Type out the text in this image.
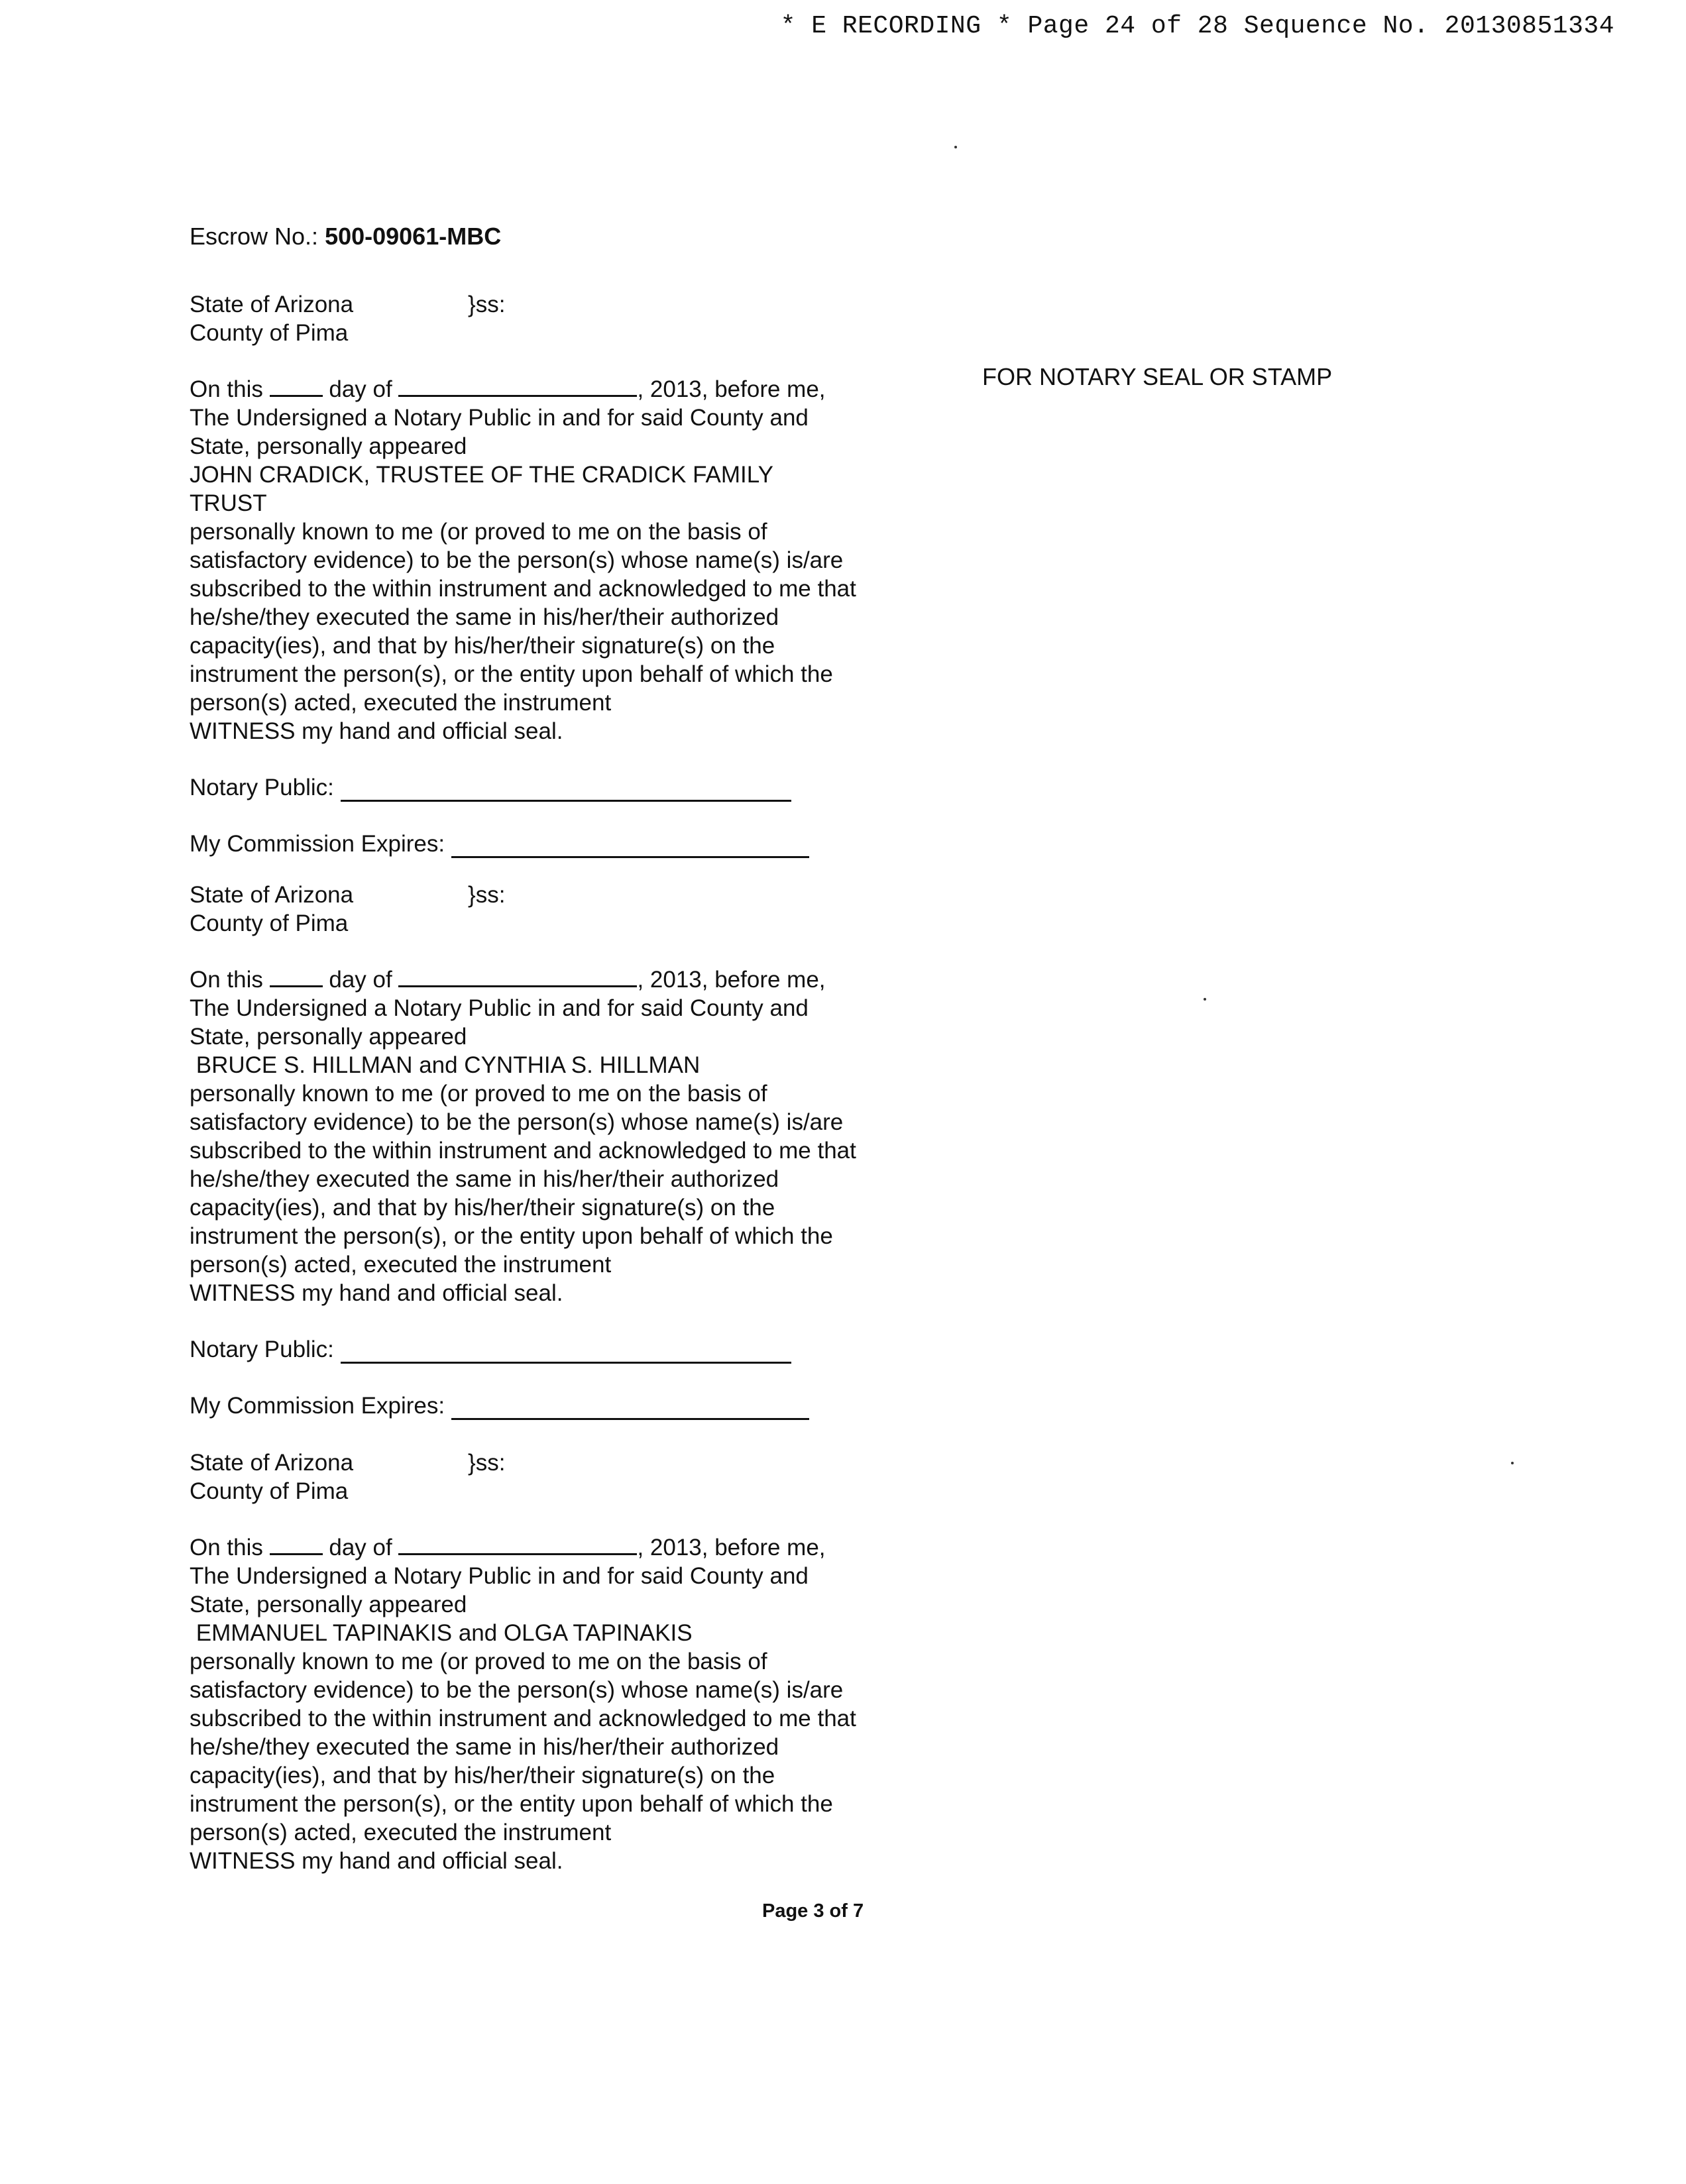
* E RECORDING * Page 24 of 28 Sequence No. 20130851334
Escrow No.: 500-09061-MBC
FOR NOTARY SEAL OR STAMP
State of Arizona	}ss:
County of Pima

On this	day of	, 2013, before me,

The Undersigned a Notary Public in and for said County and

State, personally appeared

JOHN CRADICK, TRUSTEE OF THE CRADICK FAMILY

TRUST

personally known to me (or proved to me on the basis of

satisfactory evidence) to be the person(s) whose name(s) is/are

subscribed to the within instrument and acknowledged to me that

he/she/they executed the same in his/her/their authorized

capacity(ies), and that by his/her/their signature(s) on the

instrument the person(s), or the entity upon behalf of which the

person(s) acted, executed the instrument

WITNESS my hand and official seal.

Notary Public:
My Commission Expires:
State of Arizona	}ss:
County of Pima

On this	day of	, 2013, before me,

The Undersigned a Notary Public in and for said County and

State, personally appeared

BRUCE S. HILLMAN and CYNTHIA S. HILLMAN

personally known to me (or proved to me on the basis of

satisfactory evidence) to be the person(s) whose name(s) is/are

subscribed to the within instrument and acknowledged to me that

he/she/they executed the same in his/her/their authorized

capacity(ies), and that by his/her/their signature(s) on the

instrument the person(s), or the entity upon behalf of which the

person(s) acted, executed the instrument

WITNESS my hand and official seal.

Notary Public:
My Commission Expires:
State of Arizona	}ss:
County of Pima

On this	day of	, 2013, before me,

The Undersigned a Notary Public in and for said County and

State, personally appeared

EMMANUEL TAPINAKIS and OLGA TAPINAKIS

personally known to me (or proved to me on the basis of

satisfactory evidence) to be the person(s) whose name(s) is/are

subscribed to the within instrument and acknowledged to me that

he/she/they executed the same in his/her/their authorized

capacity(ies), and that by his/her/their signature(s) on the

instrument the person(s), or the entity upon behalf of which the

person(s) acted, executed the instrument

WITNESS my hand and official seal.

Page 3 of 7
